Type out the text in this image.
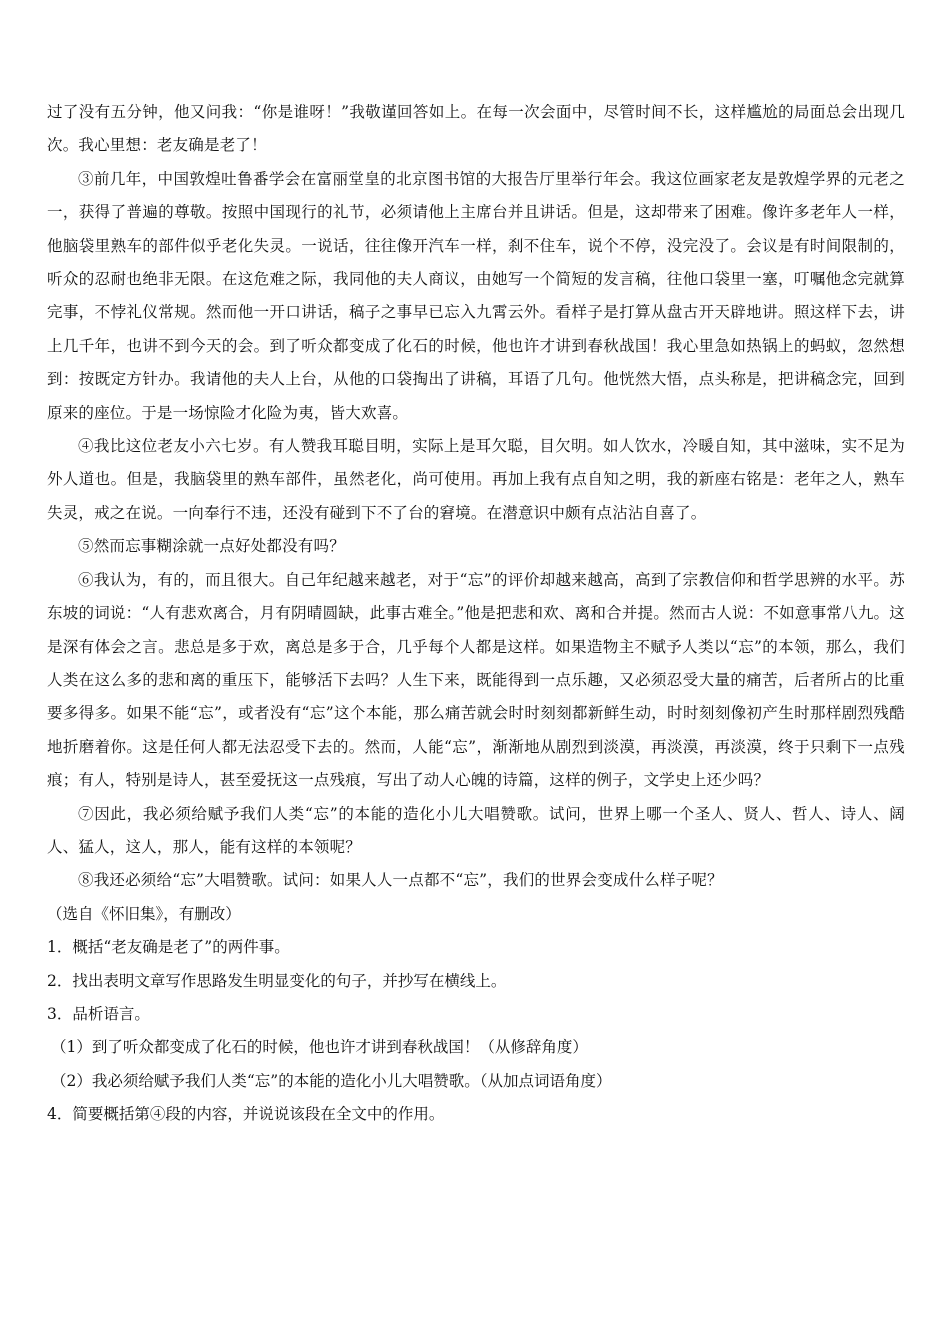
过了没有五分钟，他又问我：“你是谁呀！”我敬谨回答如上。在每一次会面中，尽管时间不长，这样尴尬的局面总会出现几次。我心里想：老友确是老了！

③前几年，中国敦煌吐鲁番学会在富丽堂皇的北京图书馆的大报告厅里举行年会。我这位画家老友是敦煌学界的元老之一，获得了普遍的尊敬。按照中国现行的礼节，必须请他上主席台并且讲话。但是，这却带来了困难。像许多老年人一样，他脑袋里熟车的部件似乎老化失灵。一说话，往往像开汽车一样，刹不住车，说个不停，没完没了。会议是有时间限制的，听众的忍耐也绝非无限。在这危难之际，我同他的夫人商议，由她写一个简短的发言稿，往他口袋里一塞，叮嘱他念完就算完事，不悖礼仪常规。然而他一开口讲话，稿子之事早已忘入九霄云外。看样子是打算从盘古开天辟地讲。照这样下去，讲上几千年，也讲不到今天的会。到了听众都变成了化石的时候，他也许才讲到春秋战国！我心里急如热锅上的蚂蚁，忽然想到：按既定方针办。我请他的夫人上台，从他的口袋掏出了讲稿，耳语了几句。他恍然大悟，点头称是，把讲稿念完，回到原来的座位。于是一场惊险才化险为夷，皆大欢喜。

④我比这位老友小六七岁。有人赞我耳聪目明，实际上是耳欠聪，目欠明。如人饮水，冷暖自知，其中滋味，实不足为外人道也。但是，我脑袋里的熟车部件，虽然老化，尚可使用。再加上我有点自知之明，我的新座右铭是：老年之人，熟车失灵，戒之在说。一向奉行不违，还没有碰到下不了台的窘境。在潜意识中颇有点沾沾自喜了。

⑤然而忘事糊涂就一点好处都没有吗？

⑥我认为，有的，而且很大。自己年纪越来越老，对于“忘”的评价却越来越高，高到了宗教信仰和哲学思辨的水平。苏东坡的词说：“人有悲欢离合，月有阴晴圆缺，此事古难全。”他是把悲和欢、离和合并提。然而古人说：不如意事常八九。这是深有体会之言。悲总是多于欢，离总是多于合，几乎每个人都是这样。如果造物主不赋予人类以“忘”的本领，那么，我们人类在这么多的悲和离的重压下，能够活下去吗？人生下来，既能得到一点乐趣，又必须忍受大量的痛苦，后者所占的比重要多得多。如果不能“忘”，或者没有“忘”这个本能，那么痛苦就会时时刻刻都新鲜生动，时时刻刻像初产生时那样剧烈残酷地折磨着你。这是任何人都无法忍受下去的。然而，人能“忘”，渐渐地从剧烈到淡漠，再淡漠，再淡漠，终于只剩下一点残痕；有人，特别是诗人，甚至爱抚这一点残痕，写出了动人心魄的诗篇，这样的例子，文学史上还少吗？

⑦因此，我必须给赋予我们人类“忘”的本能的造化小儿大唱赞歌。试问，世界上哪一个圣人、贤人、哲人、诗人、阔人、猛人，这人，那人，能有这样的本领呢？

⑧我还必须给“忘”大唱赞歌。试问：如果人人一点都不“忘”，我们的世界会变成什么样子呢？

（选自《怀旧集》，有删改）

1．概括“老友确是老了”的两件事。

2．找出表明文章写作思路发生明显变化的句子，并抄写在横线上。

3．品析语言。

（1）到了听众都变成了化石的时候，他也许才讲到春秋战国！（从修辞角度）

（2）我必须给赋予我们人类“忘”的本能的造化小儿大唱赞歌。（从加点词语角度）

4．简要概括第④段的内容，并说说该段在全文中的作用。
